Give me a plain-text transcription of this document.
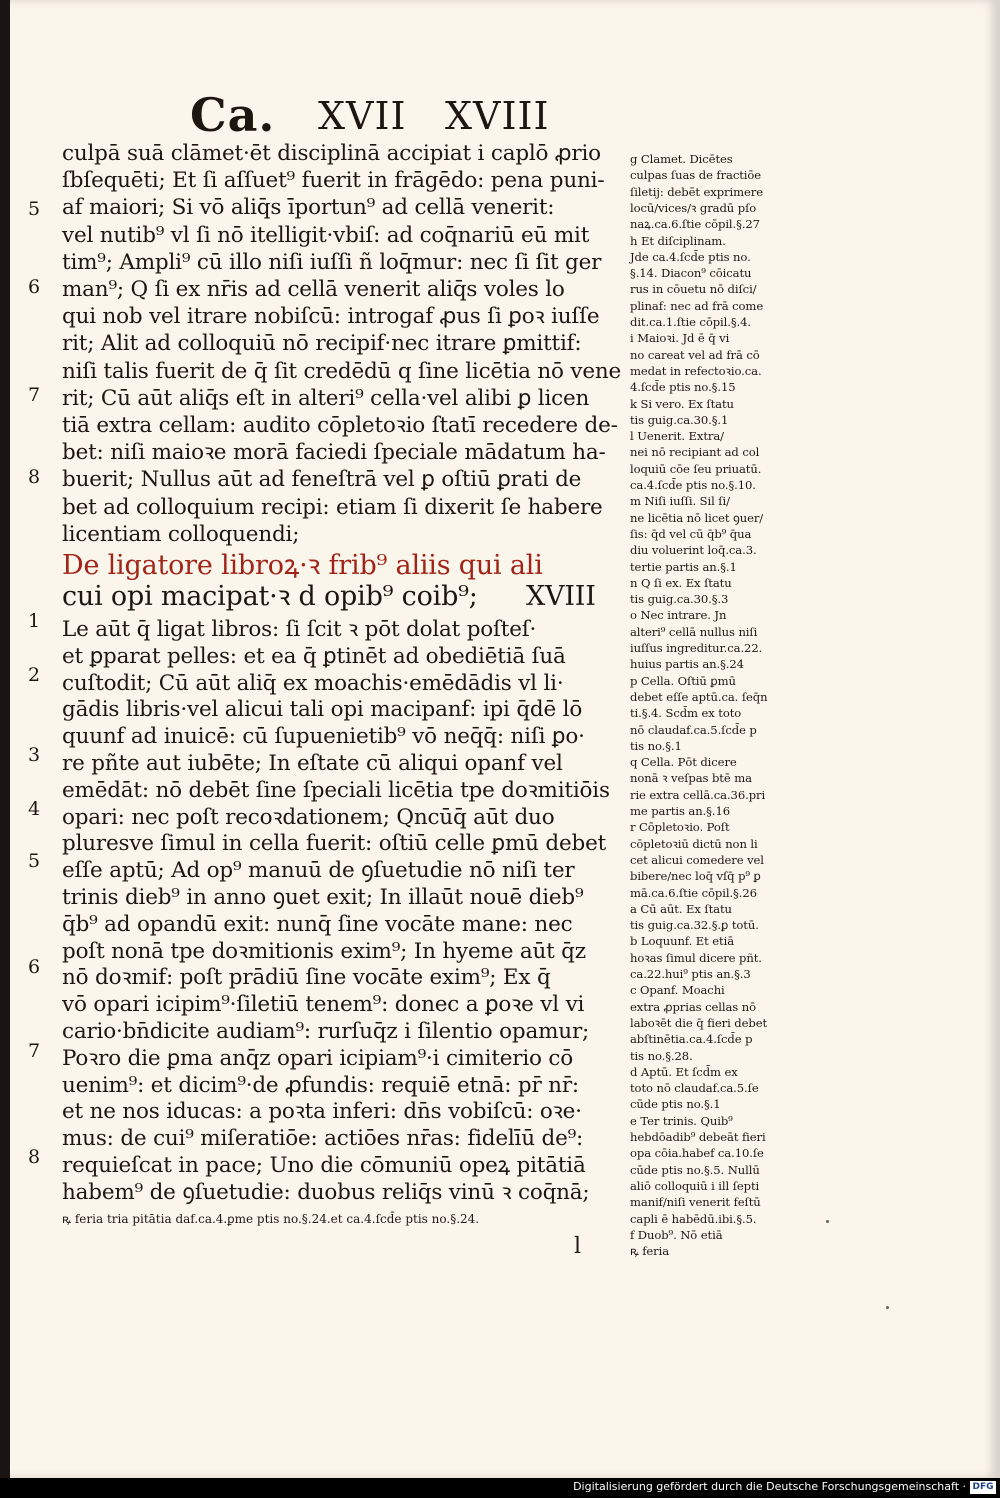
Ca. XVII XVIII
culpā suā clāmet·ēt disciplinā accipiat i caplō ꝓrio
ſbſequēti; Et ſi aſſuet⁹ fuerit in frāgēdo: pena puni-
af maiori; Si vō aliq̄s īportun⁹ ad cellā venerit:
vel nutib⁹ vl ſi nō itelligit·vbiſ: ad coq̄nariū eū mit
tim⁹; Ampli⁹ cū illo niſi iuſſi ñ loq̄mur: nec ſi ſit ger
man⁹; Q ſi ex nr̄is ad cellā venerit aliq̄s voles lo
qui nob vel itrare nobiſcū: introgaf ꝓus ſi ꝑoꝛ iuſſe
rit; Alit ad colloquiū nō recipif·nec itrare ꝑmittif:
niſi talis fuerit de q̄ ſit credēdū q ſine licētia nō vene
rit; Cū aūt aliq̄s eſt in alteri⁹ cella·vel alibi ꝑ licen
tiā extra cellam: audito cōpletoꝛio ſtatī recedere de-
bet: niſi maioꝛe morā faciedi ſpeciale mādatum ha-
buerit; Nullus aūt ad feneſtrā vel ꝑ oſtiū ꝑrati de
bet ad colloquium recipi: etiam ſi dixerit ſe habere
licentiam colloquendi;
De ligatore libroꝝ·ꝛ frib⁹ aliis qui ali
cui opi macipat·ꝛ d opib⁹ coib⁹; XVIII
Le aūt q̄ ligat libros: ſi ſcit ꝛ pōt dolat poſteſ·
et ꝑparat pelles: et ea q̄ ꝑtinēt ad obediētiā ſuā
cuſtodit; Cū aūt aliq̄ ex moachis·emēdādis vl li·
gādis libris·vel alicui tali opi macipanf: ipi q̄dē lō
quunf ad inuicē: cū ſupuenietib⁹ vō neq̄q̄: niſi ꝑo·
re pñte aut iubēte; In eſtate cū aliqui opanf vel
emēdāt: nō debēt ſine ſpeciali licētia tpe doꝛmitiōis
opari: nec poſt recoꝛdationem; Qncūq̄ aūt duo
pluresve ſimul in cella fuerit: oſtiū celle ꝑmū debet
eſſe aptū; Ad op⁹ manuū de ꝯſuetudie nō niſi ter
trinis dieb⁹ in anno ꝯuet exit; In illaūt nouē dieb⁹
q̄b⁹ ad opandū exit: nunq̄ ſine vocāte mane: nec
poſt nonā tpe doꝛmitionis exim⁹; In hyeme aūt q̄z
nō doꝛmif: poſt prādiū ſine vocāte exim⁹; Ex q̄
vō opari icipim⁹·ſiletiū tenem⁹: donec a ꝑoꝛe vl vi
cario·bn̄dicite audiam⁹: rurſuq̄z i ſilentio opamur;
Poꝛro die ꝑma anq̄z opari icipiam⁹·i cimiterio cō
uenim⁹: et dicim⁹·de ꝓfundis: requiē etnā: pr̄ nr̄:
et ne nos iducas: a poꝛta inferi: dn̄s vobiſcū: oꝛe·
mus: de cui⁹ miſeratiōe: actiōes nr̄as: fidelīū de⁹:
requieſcat in pace; Uno die cōmuniū opeꝝ pitātiā
habem⁹ de ꝯſuetudie: duobus reliq̄s vinū ꝛ coq̄nā;
g Clamet. Dicētes
culpas ſuas de fractiōe
ſiletij: debēt exprimere
locū/vices/ꝛ gradū pſo
naꝝ.ca.6.ſtie cōpil.§.27
h Et diſciplinam.
Jde ca.4.ſcd̄e ptis no.
§.14. Diacon⁹ cōicatu
rus in cōuetu nō diſci/
plinaf: nec ad frā come
dit.ca.1.ſtie cōpil.§.4.
i Maioꝛi. Jd ē q̄ vi
no careat vel ad frā cō
medat in refectoꝛio.ca.
4.ſcd̄e ptis no.§.15
k Si vero. Ex ſtatu
tis guig.ca.30.§.1
l Uenerit. Extra/
nei nō recipiant ad col
loquiū cōe ſeu priuatū.
ca.4.ſcd̄e ptis no.§.10.
m Niſi iuſſi. Sil ſi/
ne licētia nō licet ꝯuer/
ſis: q̄d vel cū q̄b⁹ q̄ua
diu voluerint loq̄.ca.3.
tertie partis an.§.1
n Q ſi ex. Ex ſtatu
tis guig.ca.30.§.3
o Nec intrare. Jn
alteri⁹ cellā nullus niſi
iuſſus ingreditur.ca.22.
huius partis an.§.24
p Cella. Oſtiū ꝑmū
debet eſſe aptū.ca. ſeq̄n
ti.§.4. Scd̄m ex toto
nō claudaf.ca.5.ſcd̄e p
tis no.§.1
q Cella. Pōt dicere
nonā ꝛ veſpas btē ma
rie extra cellā.ca.36.pri
me partis an.§.16
r Cōpletoꝛio. Poſt
cōpletoꝛiū dictū non li
cet alicui comedere vel
bibere/nec loq̄ vſq̄ p⁹ ꝑ
mā.ca.6.ſtie cōpil.§.26
a Cū aūt. Ex ſtatu
tis guig.ca.32.§.ꝑ totū.
b Loquunf. Et etiā
hoꝛas ſimul dicere pñt.
ca.22.hui⁹ ptis an.§.3
c Opanf. Moachi
extra ꝓprias cellas nō
laboꝛēt die q̄ fieri debet
abſtinētia.ca.4.ſcd̄e p
tis no.§.28.
d Aptū. Et ſcd̄m ex
toto nō claudaf.ca.5.ſe
cūde ptis no.§.1
e Ter trinis. Quib⁹
hebdōadib⁹ debeāt fieri
opa cōia.habef ca.10.ſe
cūde ptis no.§.5. Nullū
aliō colloquiū i ill ſepti
manif/niſi venerit feſtū
capli ē habēdū.ibi.§.5.
f Duob⁹. Nō etiā
ꝶ feria
5
6
7
8
1
2
3
4
5
6
7
8
ꝶ feria tria pitātia daf.ca.4.ꝑme ptis no.§.24.et ca.4.ſcd̄e ptis no.§.24.
l
Digitalisierung gefördert durch die Deutsche Forschungsgemeinschaft · DFG
